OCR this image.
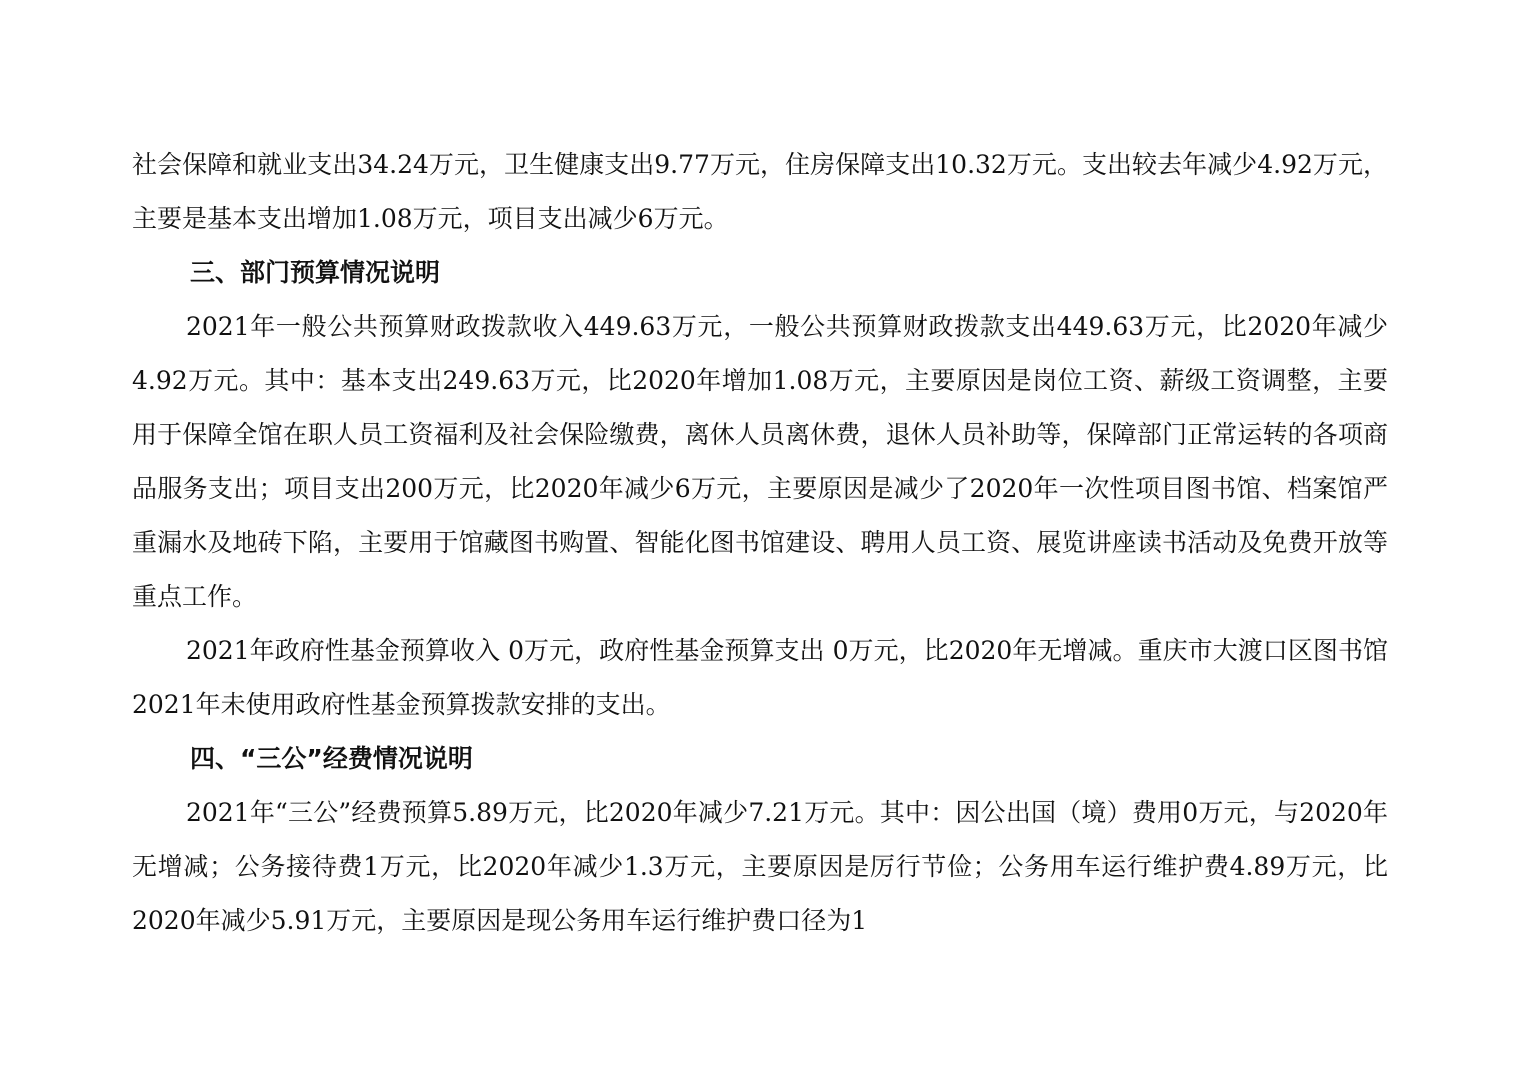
社会保障和就业支出34.24万元，卫生健康支出9.77万元，住房保障支出10.32万元。支出较去年减少4.92万元，主要是基本支出增加1.08万元，项目支出减少6万元。

三、部门预算情况说明

2021年一般公共预算财政拨款收入449.63万元，一般公共预算财政拨款支出449.63万元，比2020年减少4.92万元。其中：基本支出249.63万元，比2020年增加1.08万元，主要原因是岗位工资、薪级工资调整，主要用于保障全馆在职人员工资福利及社会保险缴费，离休人员离休费，退休人员补助等，保障部门正常运转的各项商品服务支出；项目支出200万元，比2020年减少6万元，主要原因是减少了2020年一次性项目图书馆、档案馆严重漏水及地砖下陷，主要用于馆藏图书购置、智能化图书馆建设、聘用人员工资、展览讲座读书活动及免费开放等重点工作。

2021年政府性基金预算收入 0万元，政府性基金预算支出 0万元，比2020年无增减。重庆市大渡口区图书馆2021年未使用政府性基金预算拨款安排的支出。

四、“三公”经费情况说明

2021年“三公”经费预算5.89万元，比2020年减少7.21万元。其中：因公出国（境）费用0万元，与2020年无增减；公务接待费1万元，比2020年减少1.3万元，主要原因是厉行节俭；公务用车运行维护费4.89万元，比2020年减少5.91万元，主要原因是现公务用车运行维护费口径为1
